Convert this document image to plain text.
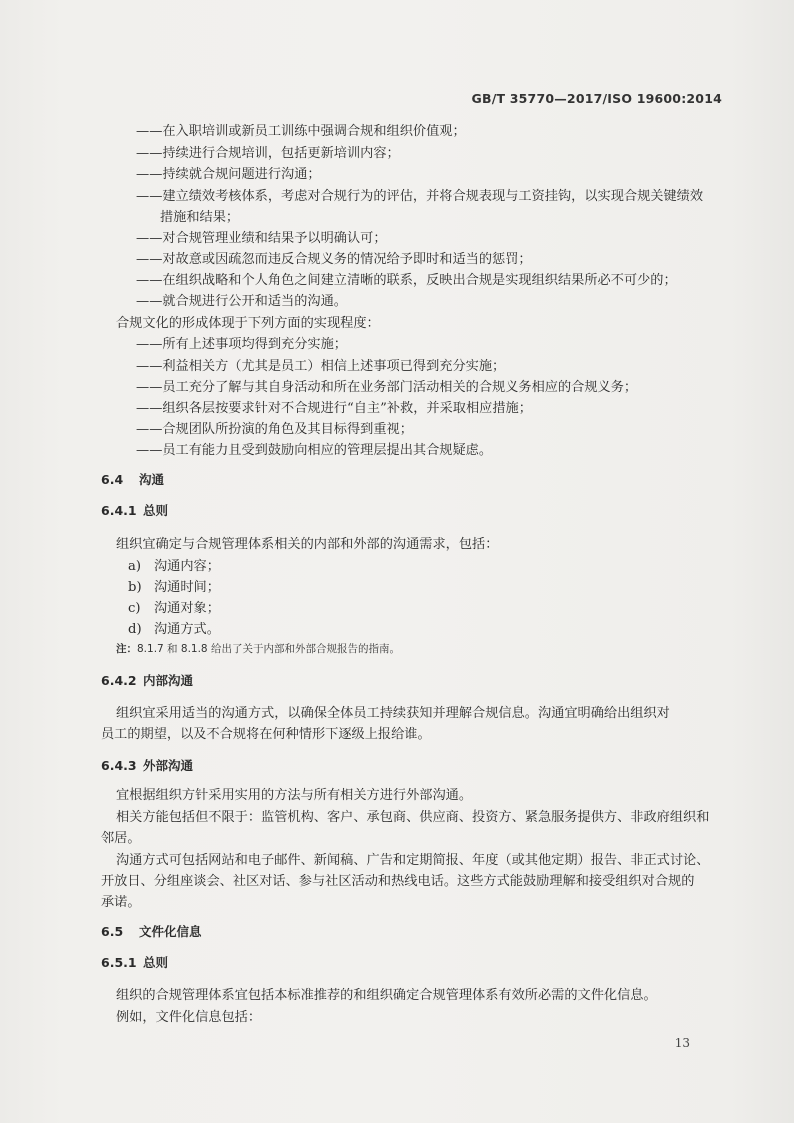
GB/T 35770—2017/ISO 19600:2014
——在入职培训或新员工训练中强调合规和组织价值观；
——持续进行合规培训，包括更新培训内容；
——持续就合规问题进行沟通；
——建立绩效考核体系，考虑对合规行为的评估，并将合规表现与工资挂钩，以实现合规关键绩效
措施和结果；
——对合规管理业绩和结果予以明确认可；
——对故意或因疏忽而违反合规义务的情况给予即时和适当的惩罚；
——在组织战略和个人角色之间建立清晰的联系，反映出合规是实现组织结果所必不可少的；
——就合规进行公开和适当的沟通。
合规文化的形成体现于下列方面的实现程度：
——所有上述事项均得到充分实施；
——利益相关方（尤其是员工）相信上述事项已得到充分实施；
——员工充分了解与其自身活动和所在业务部门活动相关的合规义务相应的合规义务；
——组织各层按要求针对不合规进行“自主”补救，并采取相应措施；
——合规团队所扮演的角色及其目标得到重视；
——员工有能力且受到鼓励向相应的管理层提出其合规疑虑。
6.4 沟通
6.4.1 总则
组织宜确定与合规管理体系相关的内部和外部的沟通需求，包括：
a) 沟通内容；
b) 沟通时间；
c) 沟通对象；
d) 沟通方式。
注：8.1.7 和 8.1.8 给出了关于内部和外部合规报告的指南。
6.4.2 内部沟通
组织宜采用适当的沟通方式，以确保全体员工持续获知并理解合规信息。沟通宜明确给出组织对
员工的期望，以及不合规将在何种情形下逐级上报给谁。
6.4.3 外部沟通
宜根据组织方针采用实用的方法与所有相关方进行外部沟通。
相关方能包括但不限于：监管机构、客户、承包商、供应商、投资方、紧急服务提供方、非政府组织和
邻居。
沟通方式可包括网站和电子邮件、新闻稿、广告和定期简报、年度（或其他定期）报告、非正式讨论、
开放日、分组座谈会、社区对话、参与社区活动和热线电话。这些方式能鼓励理解和接受组织对合规的
承诺。
6.5 文件化信息
6.5.1 总则
组织的合规管理体系宜包括本标准推荐的和组织确定合规管理体系有效所必需的文件化信息。
例如，文件化信息包括：
13
